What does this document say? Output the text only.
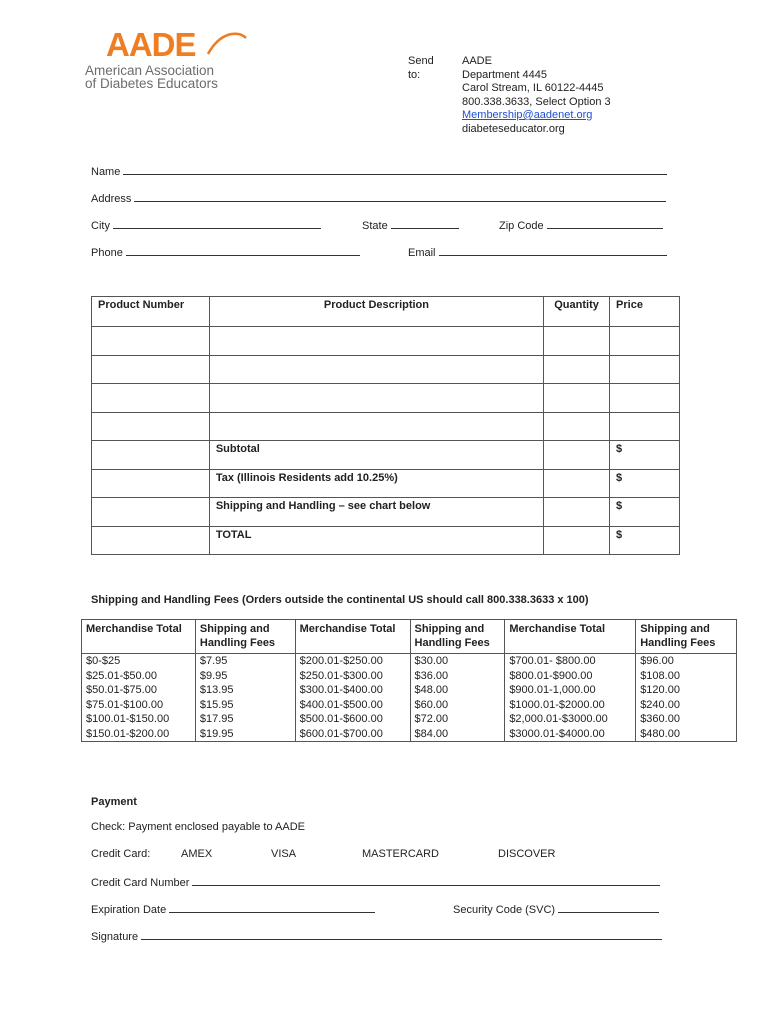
AADE
American Association
of Diabetes Educators
Send to:
AADE
Department 4445
Carol Stream, IL 60122-4445
800.338.3633, Select Option 3
Membership@aadenet.org
diabeteseducator.org
Name
Address
City	State	Zip Code
Phone	Email
Product Number	Product Description	Quantity	Price

	Subtotal		$
	Tax (Illinois Residents add 10.25%)		$
	Shipping and Handling – see chart below		$
	TOTAL		$
Shipping and Handling Fees (Orders outside the continental US should call 800.338.3633 x 100)
Merchandise Total	Shipping and Handling Fees	Merchandise Total	Shipping and Handling Fees	Merchandise Total	Shipping and Handling Fees
$0-$25	$7.95	$200.01-$250.00	$30.00	$700.01- $800.00	$96.00
$25.01-$50.00	$9.95	$250.01-$300.00	$36.00	$800.01-$900.00	$108.00
$50.01-$75.00	$13.95	$300.01-$400.00	$48.00	$900.01-1,000.00	$120.00
$75.01-$100.00	$15.95	$400.01-$500.00	$60.00	$1000.01-$2000.00	$240.00
$100.01-$150.00	$17.95	$500.01-$600.00	$72.00	$2,000.01-$3000.00	$360.00
$150.01-$200.00	$19.95	$600.01-$700.00	$84.00	$3000.01-$4000.00	$480.00
Payment
Check: Payment enclosed payable to AADE
Credit Card:	AMEX	VISA	MASTERCARD	DISCOVER
Credit Card Number
Expiration Date	Security Code (SVC)
Signature
